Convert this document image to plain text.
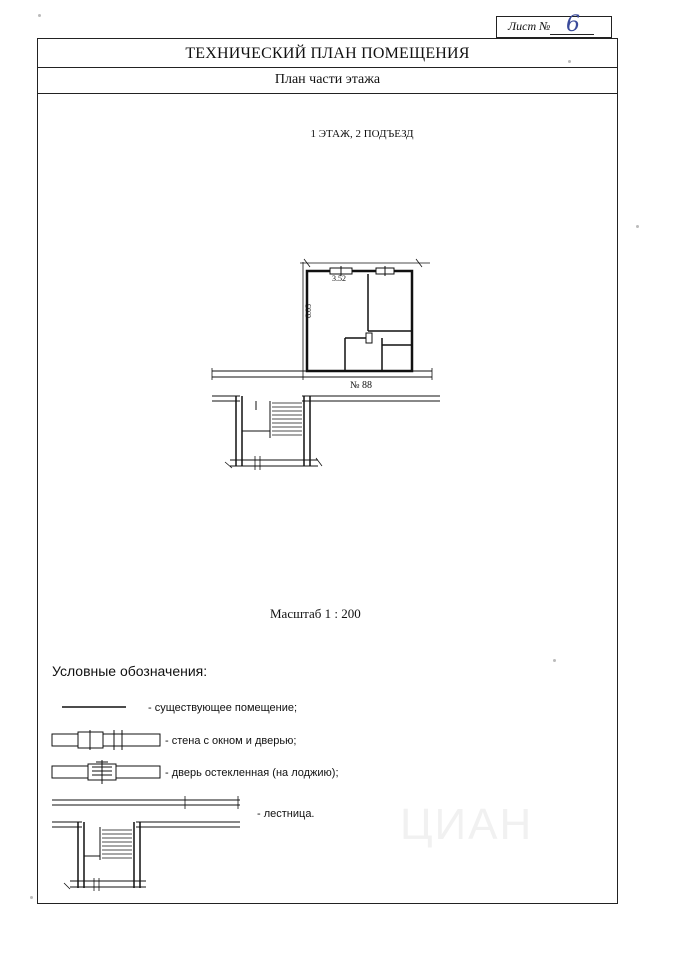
Лист № 6
ТЕХНИЧЕСКИЙ ПЛАН ПОМЕЩЕНИЯ
План части этажа
1 ЭТАЖ, 2 ПОДЪЕЗД
3.52
6.05
№ 88
Масштаб 1 : 200
Условные обозначения:
- существующее помещение;
- стена с окном и дверью;
- дверь остекленная (на лоджию);
- лестница. ЦИАН
